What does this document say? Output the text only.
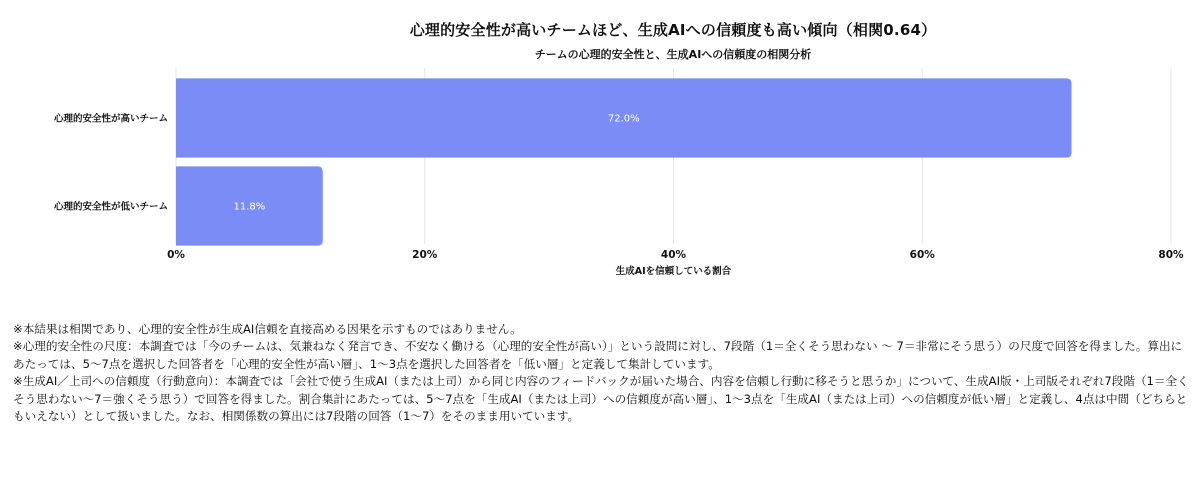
心理的安全性が高いチームほど、生成AIへの信頼度も高い傾向（相関0.64）
チームの心理的安全性と、生成AIへの信頼度の相関分析
0%	20%	40%	60%	80%
心理的安全性が高いチーム	72.0%
心理的安全性が低いチーム	11.8%
生成AIを信頼している割合

※本結果は相関であり、心理的安全性が生成AI信頼を直接高める因果を示すものではありません。

※心理的安全性の尺度：本調査では「今のチームは、気兼ねなく発言でき、不安なく働ける（心理的安全性が高い）」という設問に対し、7段階（1＝全くそう思わない 〜 7＝非常にそう思う）の尺度で回答を得ました。算出にあたっては、5〜7点を選択した回答者を「心理的安全性が高い層」、1〜3点を選択した回答者を「低い層」と定義して集計しています。

※生成AI／上司への信頼度（行動意向）：本調査では「会社で使う生成AI（または上司）から同じ内容のフィードバックが届いた場合、内容を信頼し行動に移そうと思うか」について、生成AI版・上司版それぞれ7段階（1＝全くそう思わない〜7＝強くそう思う）で回答を得ました。割合集計にあたっては、5〜7点を「生成AI（または上司）への信頼度が高い層」、1〜3点を「生成AI（または上司）への信頼度が低い層」と定義し、4点は中間（どちらともいえない）として扱いました。なお、相関係数の算出には7段階の回答（1〜7）をそのまま用いています。
